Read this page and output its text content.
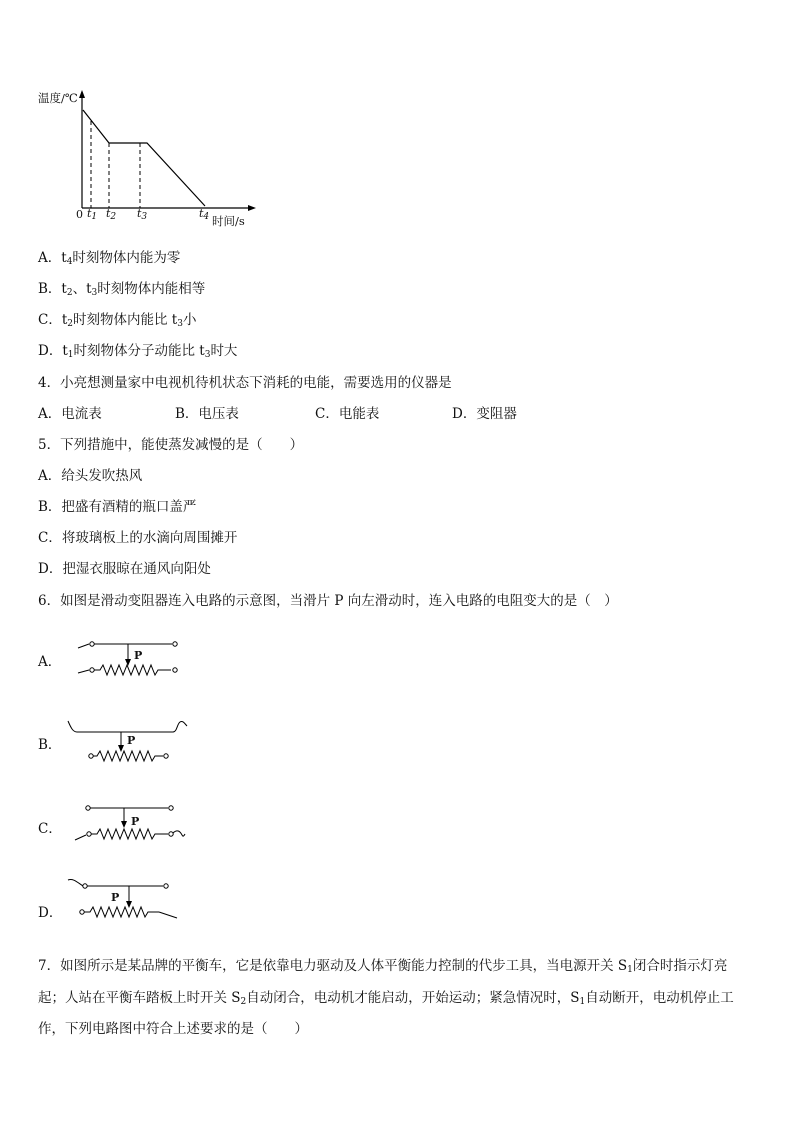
温度/℃
0 $t_1$ $t_2$ $t_3$	$t_4$ 时间/s
A．$t_4$时刻物体内能为零
B．$t_2$、$t_3$时刻物体内能相等
C．$t_2$时刻物体内能比 $t_3$小
D．$t_1$时刻物体分子动能比 $t_3$时大
4．小亮想测量家中电视机待机状态下消耗的电能，需要选用的仪器是
A．电流表	B．电压表	C．电能表	D．变阻器
5．下列措施中，能使蒸发减慢的是（　　）
A．给头发吹热风
B．把盛有酒精的瓶口盖严
C．将玻璃板上的水滴向周围摊开
D．把湿衣服晾在通风向阳处
6．如图是滑动变阻器连入电路的示意图，当滑片 P 向左滑动时，连入电路的电阻变大的是（　）
A．	P
B．	P
C．	P
D．
P
7．如图所示是某品牌的平衡车，它是依靠电力驱动及人体平衡能力控制的代步工具，当电源开关 $S_1$闭合时指示灯亮
起；人站在平衡车踏板上时开关 $S_2$自动闭合，电动机才能启动，开始运动；紧急情况时，$S_1$自动断开，电动机停止工
作，下列电路图中符合上述要求的是（　　）
